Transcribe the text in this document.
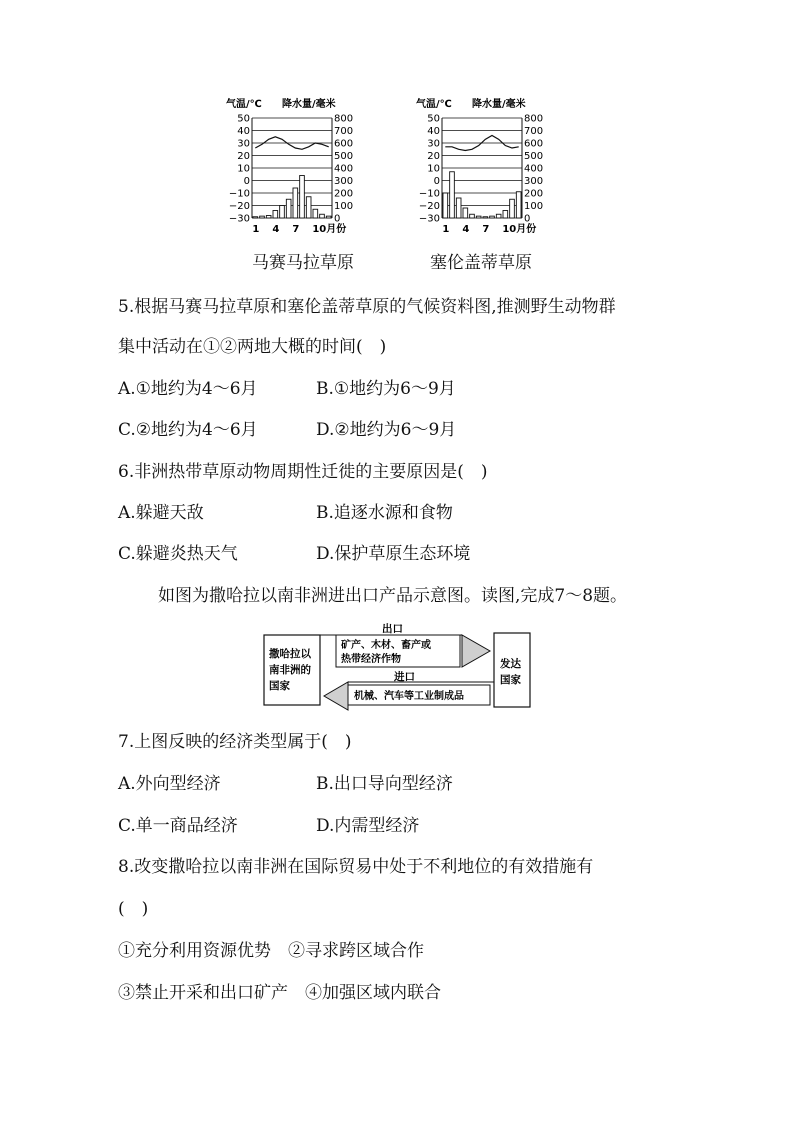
气温/℃ 降水量/毫米
50
40
30
20
10
0
−10
−20
−30
800
700
600
500
400
300
200
100
0
1 4 7 10月份
气温/℃ 降水量/毫米
50
40
30
20
10
0
−10
−20
−30
800
700
600
500
400
300
200
100
0
1 4 7 10月份
马赛马拉草原	塞伦盖蒂草原
5.根据马赛马拉草原和塞伦盖蒂草原的气候资料图,推测野生动物群
集中活动在①②两地大概的时间(　)
A.①地约为4～6月	B.①地约为6～9月
C.②地约为4～6月	D.②地约为6～9月
6.非洲热带草原动物周期性迁徙的主要原因是(　)
A.躲避天敌	B.追逐水源和食物
C.躲避炎热天气	D.保护草原生态环境
如图为撒哈拉以南非洲进出口产品示意图。读图,完成7～8题。
撒哈拉以
南非洲的
国家
发达
国家
出口
矿产、木材、畜产或
热带经济作物
进口
机械、汽车等工业制成品
7.上图反映的经济类型属于(　)
A.外向型经济	B.出口导向型经济
C.单一商品经济	D.内需型经济
8.改变撒哈拉以南非洲在国际贸易中处于不利地位的有效措施有
(　)
①充分利用资源优势　②寻求跨区域合作
③禁止开采和出口矿产　④加强区域内联合
